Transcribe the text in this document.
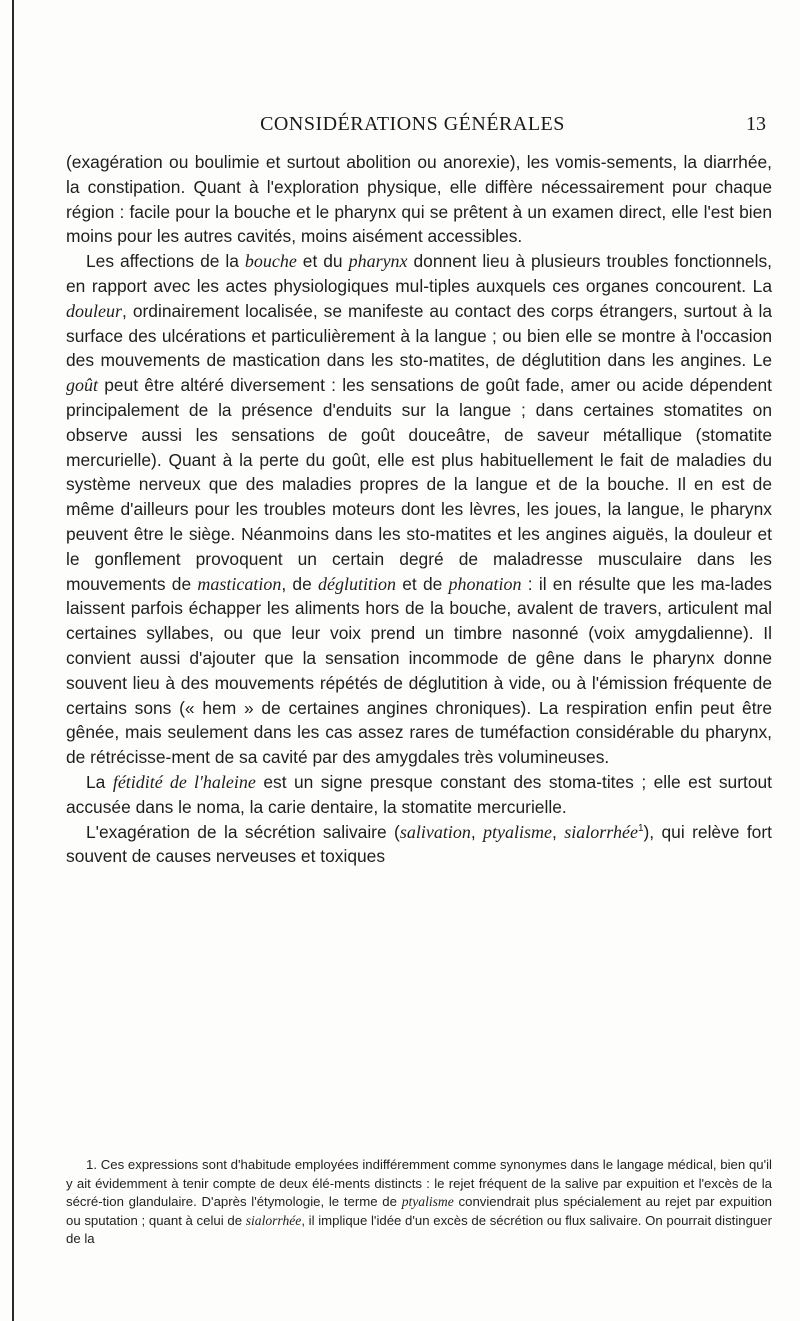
CONSIDÉRATIONS GÉNÉRALES	13

(exagération ou boulimie et surtout abolition ou anorexie), les vomis-sements, la diarrhée, la constipation. Quant à l'exploration physique, elle diffère nécessairement pour chaque région : facile pour la bouche et le pharynx qui se prêtent à un examen direct, elle l'est bien moins pour les autres cavités, moins aisément accessibles.

Les affections de la bouche et du pharynx donnent lieu à plusieurs troubles fonctionnels, en rapport avec les actes physiologiques mul-tiples auxquels ces organes concourent. La douleur, ordinairement localisée, se manifeste au contact des corps étrangers, surtout à la surface des ulcérations et particulièrement à la langue ; ou bien elle se montre à l'occasion des mouvements de mastication dans les sto-matites, de déglutition dans les angines. Le goût peut être altéré diversement : les sensations de goût fade, amer ou acide dépendent principalement de la présence d'enduits sur la langue ; dans certaines stomatites on observe aussi les sensations de goût douceâtre, de saveur métallique (stomatite mercurielle). Quant à la perte du goût, elle est plus habituellement le fait de maladies du système nerveux que des maladies propres de la langue et de la bouche. Il en est de même d'ailleurs pour les troubles moteurs dont les lèvres, les joues, la langue, le pharynx peuvent être le siège. Néanmoins dans les sto-matites et les angines aiguës, la douleur et le gonflement provoquent un certain degré de maladresse musculaire dans les mouvements de mastication, de déglutition et de phonation : il en résulte que les ma-lades laissent parfois échapper les aliments hors de la bouche, avalent de travers, articulent mal certaines syllabes, ou que leur voix prend un timbre nasonné (voix amygdalienne). Il convient aussi d'ajouter que la sensation incommode de gêne dans le pharynx donne souvent lieu à des mouvements répétés de déglutition à vide, ou à l'émission fréquente de certains sons (« hem » de certaines angines chroniques). La respiration enfin peut être gênée, mais seulement dans les cas assez rares de tuméfaction considérable du pharynx, de rétrécisse-ment de sa cavité par des amygdales très volumineuses.

La fétidité de l'haleine est un signe presque constant des stoma-tites ; elle est surtout accusée dans le noma, la carie dentaire, la stomatite mercurielle.

L'exagération de la sécrétion salivaire (salivation, ptyalisme, sialorrhée$^1$), qui relève fort souvent de causes nerveuses et toxiques

1. Ces expressions sont d'habitude employées indifféremment comme synonymes dans le langage médical, bien qu'il y ait évidemment à tenir compte de deux élé-ments distincts : le rejet fréquent de la salive par expuition et l'excès de la sécré-tion glandulaire. D'après l'étymologie, le terme de ptyalisme conviendrait plus spécialement au rejet par expuition ou sputation ; quant à celui de sialorrhée, il implique l'idée d'un excès de sécrétion ou flux salivaire. On pourrait distinguer de la
